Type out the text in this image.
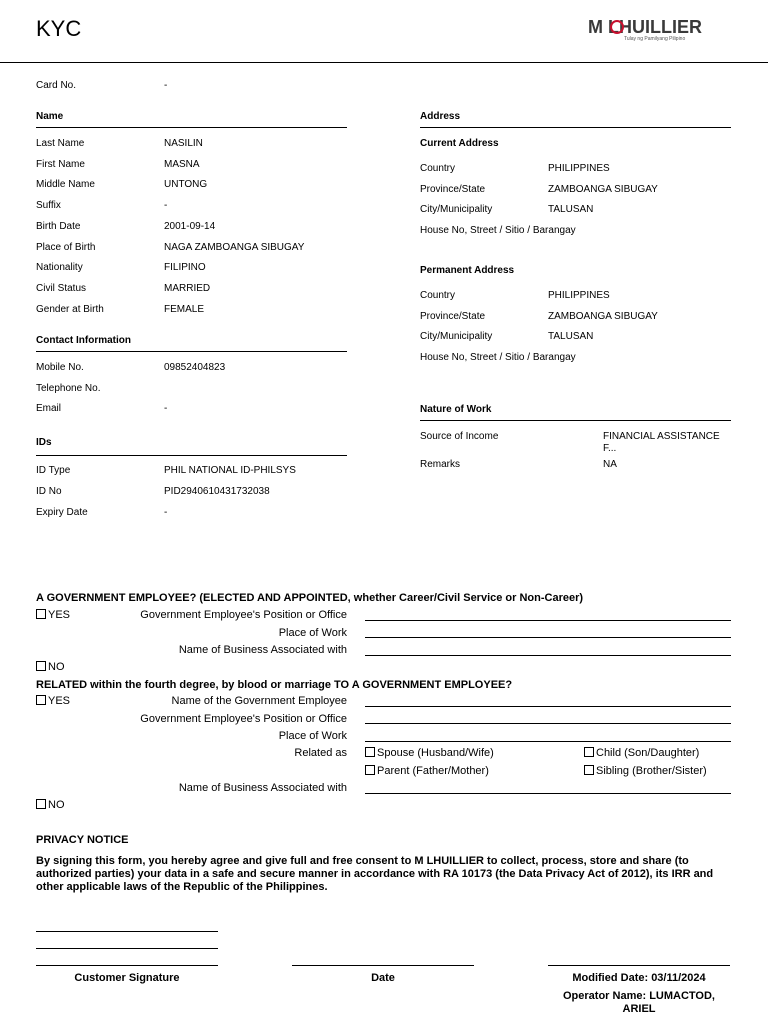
KYC	M LHUILLIER
Tulay ng Pamilyang Pilipino
Card No.	-
Name
Last Name	NASILIN
First Name	MASNA
Middle Name	UNTONG
Suffix	-
Birth Date	2001-09-14
Place of Birth	NAGA ZAMBOANGA SIBUGAY
Nationality	FILIPINO
Civil Status	MARRIED
Gender at Birth	FEMALE
Contact Information
Mobile No.	09852404823
Telephone No.
Email	-
IDs
ID Type	PHIL NATIONAL ID-PHILSYS
ID No	PID2940610431732038
Expiry Date	-
Address
Current Address
Country	PHILIPPINES
Province/State	ZAMBOANGA SIBUGAY
City/Municipality	TALUSAN
House No, Street / Sitio / Barangay
Permanent Address
Country	PHILIPPINES
Province/State	ZAMBOANGA SIBUGAY
City/Municipality	TALUSAN
House No, Street / Sitio / Barangay
Nature of Work
Source of Income	FINANCIAL ASSISTANCE F...
Remarks	NA
A GOVERNMENT EMPLOYEE? (ELECTED AND APPOINTED, whether Career/Civil Service or Non-Career)
YES	Government Employee's Position or Office
Place of Work
Name of Business Associated with
NO
RELATED within the fourth degree, by blood or marriage TO A GOVERNMENT EMPLOYEE?
YES	Name of the Government Employee
Government Employee's Position or Office
Place of Work
Related as	Spouse (Husband/Wife)	Child (Son/Daughter)
Parent (Father/Mother)	Sibling (Brother/Sister)
Name of Business Associated with
NO
PRIVACY NOTICE
By signing this form, you hereby agree and give full and free consent to M LHUILLIER to collect, process, store and share (to authorized parties) your data in a safe and secure manner in accordance with RA 10173 (the Data Privacy Act of 2012), its IRR and other applicable laws of the Republic of the Philippines.
Customer Signature	Date	Modified Date: 03/11/2024
Operator Name: LUMACTOD, ARIEL
